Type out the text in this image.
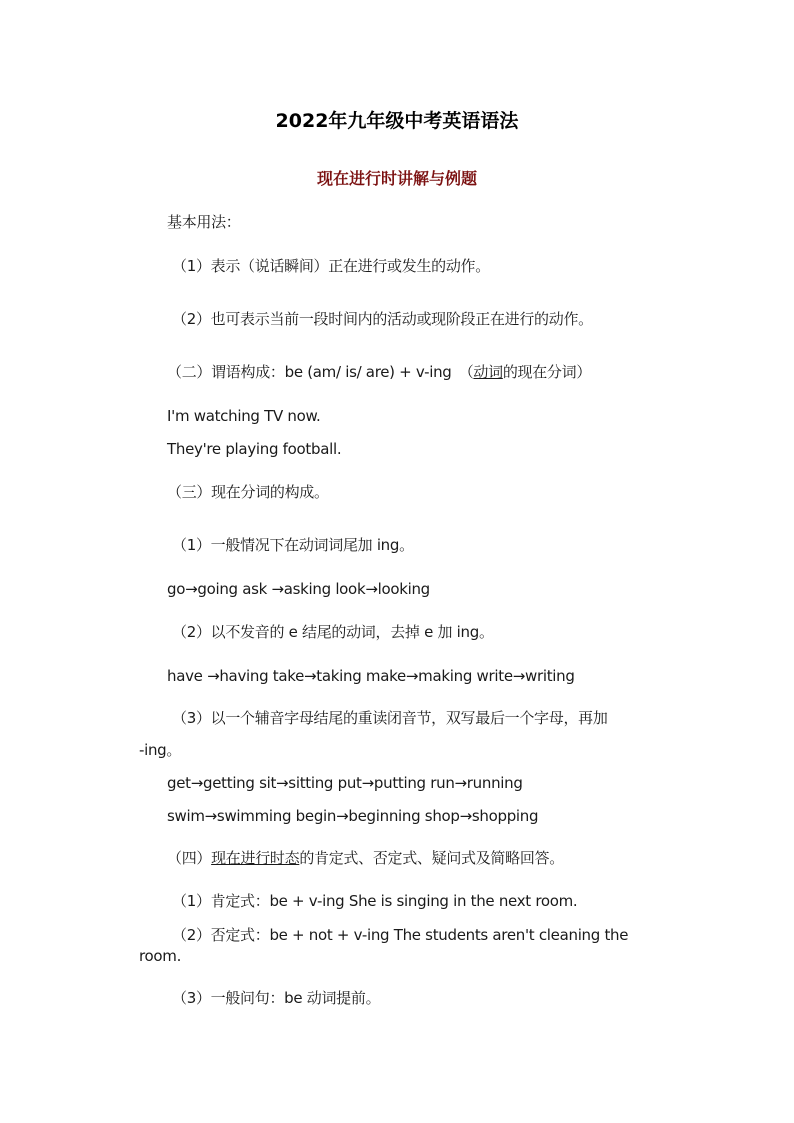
2022年九年级中考英语语法
现在进行时讲解与例题
基本用法：
（1）表示（说话瞬间）正在进行或发生的动作。
（2）也可表示当前一段时间内的活动或现阶段正在进行的动作。
（二）谓语构成：be (am/ is/ are) + v-ing　（动词的现在分词）
I'm watching TV now.
They're playing football.
（三）现在分词的构成。
（1）一般情况下在动词词尾加 ing。
go→going ask →asking look→looking
（2）以不发音的 e 结尾的动词，去掉 e 加 ing。
have →having take→taking make→making write→writing
（3）以一个辅音字母结尾的重读闭音节，双写最后一个字母，再加
-ing。
get→getting sit→sitting put→putting run→running
swim→swimming begin→beginning shop→shopping
（四）现在进行时态的肯定式、否定式、疑问式及简略回答。
（1）肯定式：be + v-ing She is singing in the next room.
（2）否定式：be + not + v-ing The students aren't cleaning the
room.
（3）一般问句：be 动词提前。
